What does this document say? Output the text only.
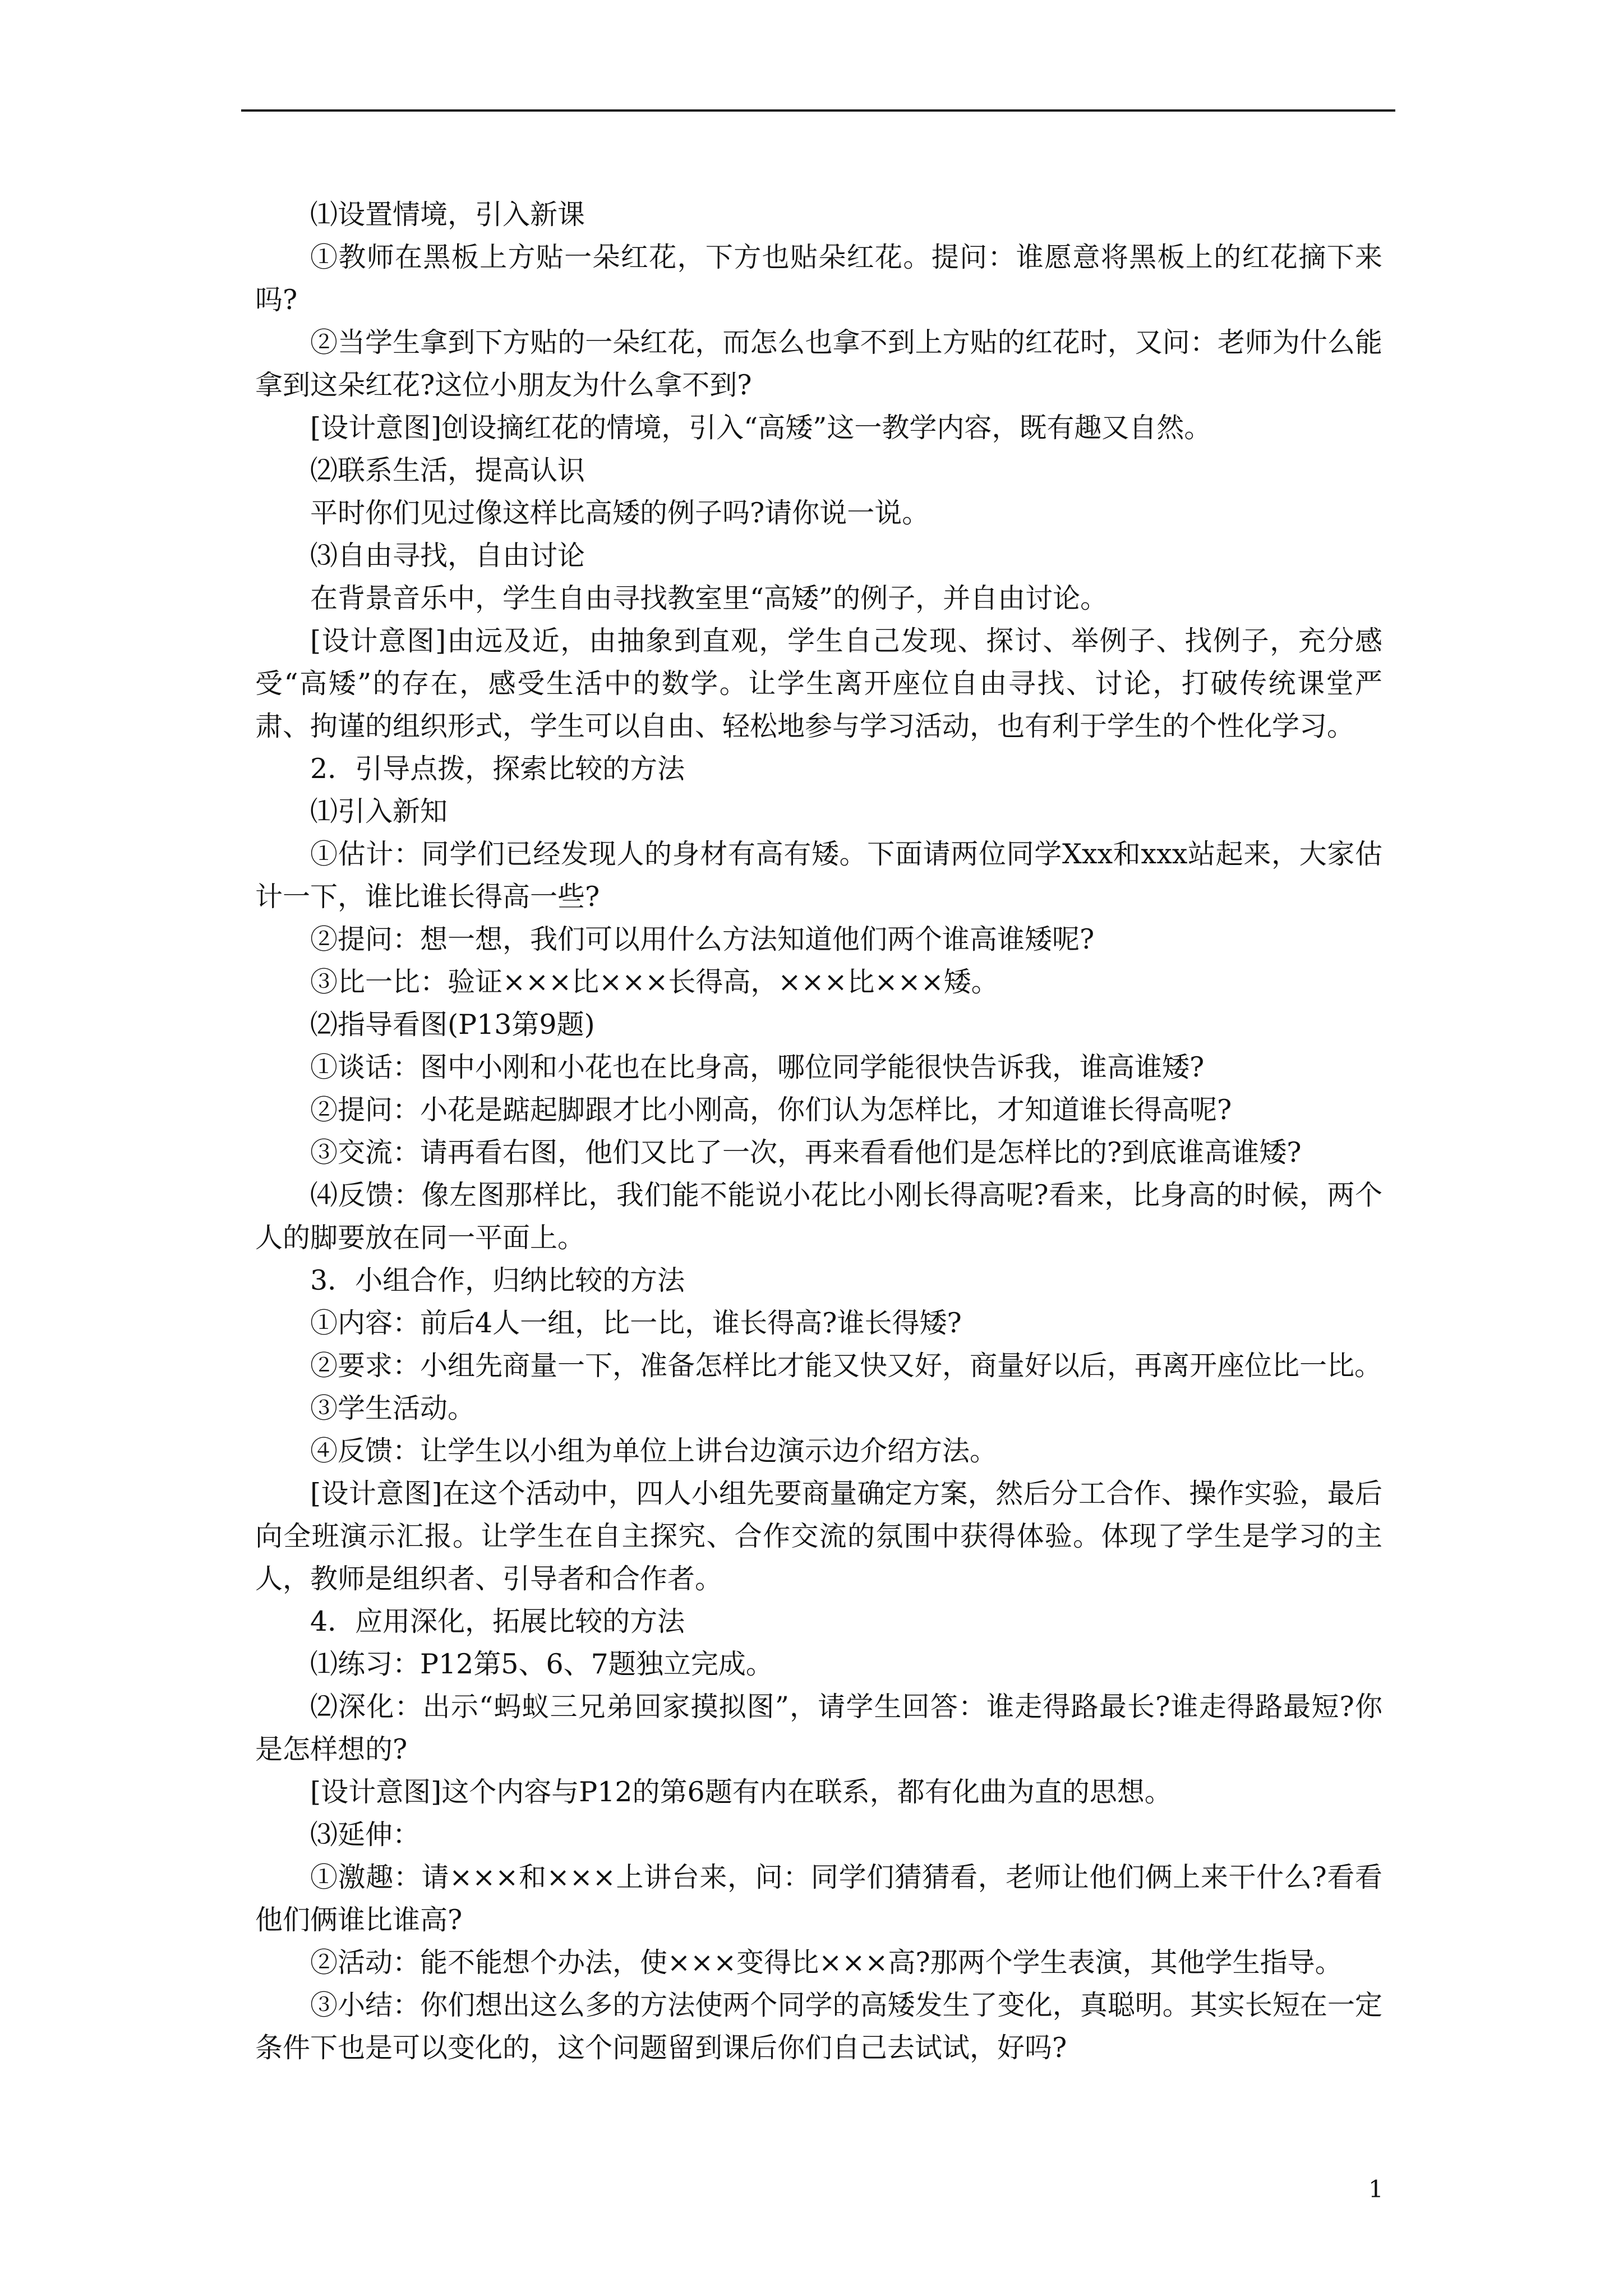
⑴设置情境，引入新课

①教师在黑板上方贴一朵红花，下方也贴朵红花。提问：谁愿意将黑板上的红花摘下来吗?

②当学生拿到下方贴的一朵红花，而怎么也拿不到上方贴的红花时，又问：老师为什么能拿到这朵红花?这位小朋友为什么拿不到?

[设计意图]创设摘红花的情境，引入“高矮”这一教学内容，既有趣又自然。

⑵联系生活，提高认识

平时你们见过像这样比高矮的例子吗?请你说一说。

⑶自由寻找，自由讨论

在背景音乐中，学生自由寻找教室里“高矮”的例子，并自由讨论。

[设计意图]由远及近，由抽象到直观，学生自己发现、探讨、举例子、找例子，充分感受“高矮”的存在，感受生活中的数学。让学生离开座位自由寻找、讨论，打破传统课堂严肃、拘谨的组织形式，学生可以自由、轻松地参与学习活动，也有利于学生的个性化学习。

2．引导点拨，探索比较的方法

⑴引入新知

①估计：同学们已经发现人的身材有高有矮。下面请两位同学Xxx和xxx站起来，大家估计一下，谁比谁长得高一些?

②提问：想一想，我们可以用什么方法知道他们两个谁高谁矮呢?

③比一比：验证×××比×××长得高，×××比×××矮。

⑵指导看图(P13第9题)

①谈话：图中小刚和小花也在比身高，哪位同学能很快告诉我，谁高谁矮?

②提问：小花是踮起脚跟才比小刚高，你们认为怎样比，才知道谁长得高呢?

③交流：请再看右图，他们又比了一次，再来看看他们是怎样比的?到底谁高谁矮?

⑷反馈：像左图那样比，我们能不能说小花比小刚长得高呢?看来，比身高的时候，两个人的脚要放在同一平面上。

3．小组合作，归纳比较的方法

①内容：前后4人一组，比一比，谁长得高?谁长得矮?

②要求：小组先商量一下，准备怎样比才能又快又好，商量好以后，再离开座位比一比。

③学生活动。

④反馈：让学生以小组为单位上讲台边演示边介绍方法。

[设计意图]在这个活动中，四人小组先要商量确定方案，然后分工合作、操作实验，最后向全班演示汇报。让学生在自主探究、合作交流的氛围中获得体验。体现了学生是学习的主人，教师是组织者、引导者和合作者。

4．应用深化，拓展比较的方法

⑴练习：P12第5、6、7题独立完成。

⑵深化：出示“蚂蚁三兄弟回家摸拟图”，请学生回答：谁走得路最长?谁走得路最短?你是怎样想的?

[设计意图]这个内容与P12的第6题有内在联系，都有化曲为直的思想。

⑶延伸：

①激趣：请×××和×××上讲台来，问：同学们猜猜看，老师让他们俩上来干什么?看看他们俩谁比谁高?

②活动：能不能想个办法，使×××变得比×××高?那两个学生表演，其他学生指导。

③小结：你们想出这么多的方法使两个同学的高矮发生了变化，真聪明。其实长短在一定条件下也是可以变化的，这个问题留到课后你们自己去试试，好吗?

1
